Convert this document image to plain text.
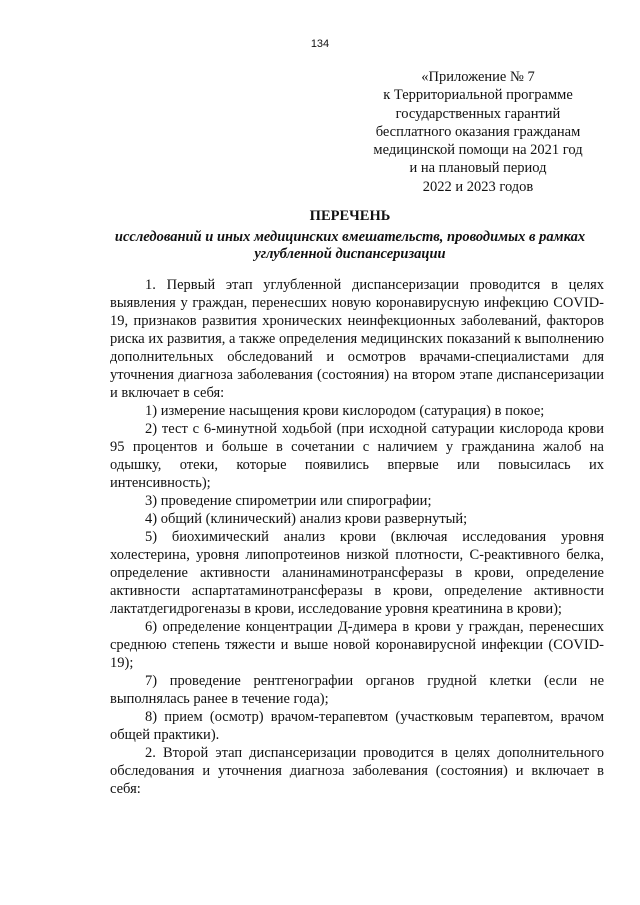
134
«Приложение № 7
к Территориальной программе
государственных гарантий
бесплатного оказания гражданам
медицинской помощи на 2021 год
и на плановый период
2022 и 2023 годов
ПЕРЕЧЕНЬ
исследований и иных медицинских вмешательств, проводимых в рамках углубленной диспансеризации

1. Первый этап углубленной диспансеризации проводится в целях выявления у граждан, перенесших новую коронавирусную инфекцию COVID-19, признаков развития хронических неинфекционных заболеваний, факторов риска их развития, а также определения медицинских показаний к выполнению дополнительных обследований и осмотров врачами-специалистами для уточнения диагноза заболевания (состояния) на втором этапе диспансеризации и включает в себя:

1) измерение насыщения крови кислородом (сатурация) в покое;

2) тест с 6-минутной ходьбой (при исходной сатурации кислорода крови 95 процентов и больше в сочетании с наличием у гражданина жалоб на одышку, отеки, которые появились впервые или повысилась их интенсивность);

3) проведение спирометрии или спирографии;

4) общий (клинический) анализ крови развернутый;

5) биохимический анализ крови (включая исследования уровня холестерина, уровня липопротеинов низкой плотности, С-реактивного белка, определение активности аланинаминотрансферазы в крови, определение активности аспартатаминотрансферазы в крови, определение активности лактатдегидрогеназы в крови, исследование уровня креатинина в крови);

6) определение концентрации Д-димера в крови у граждан, перенесших среднюю степень тяжести и выше новой коронавирусной инфекции (COVID-19);

7) проведение рентгенографии органов грудной клетки (если не выполнялась ранее в течение года);

8) прием (осмотр) врачом-терапевтом (участковым терапевтом, врачом общей практики).

2. Второй этап диспансеризации проводится в целях дополнительного обследования и уточнения диагноза заболевания (состояния) и включает в себя:
